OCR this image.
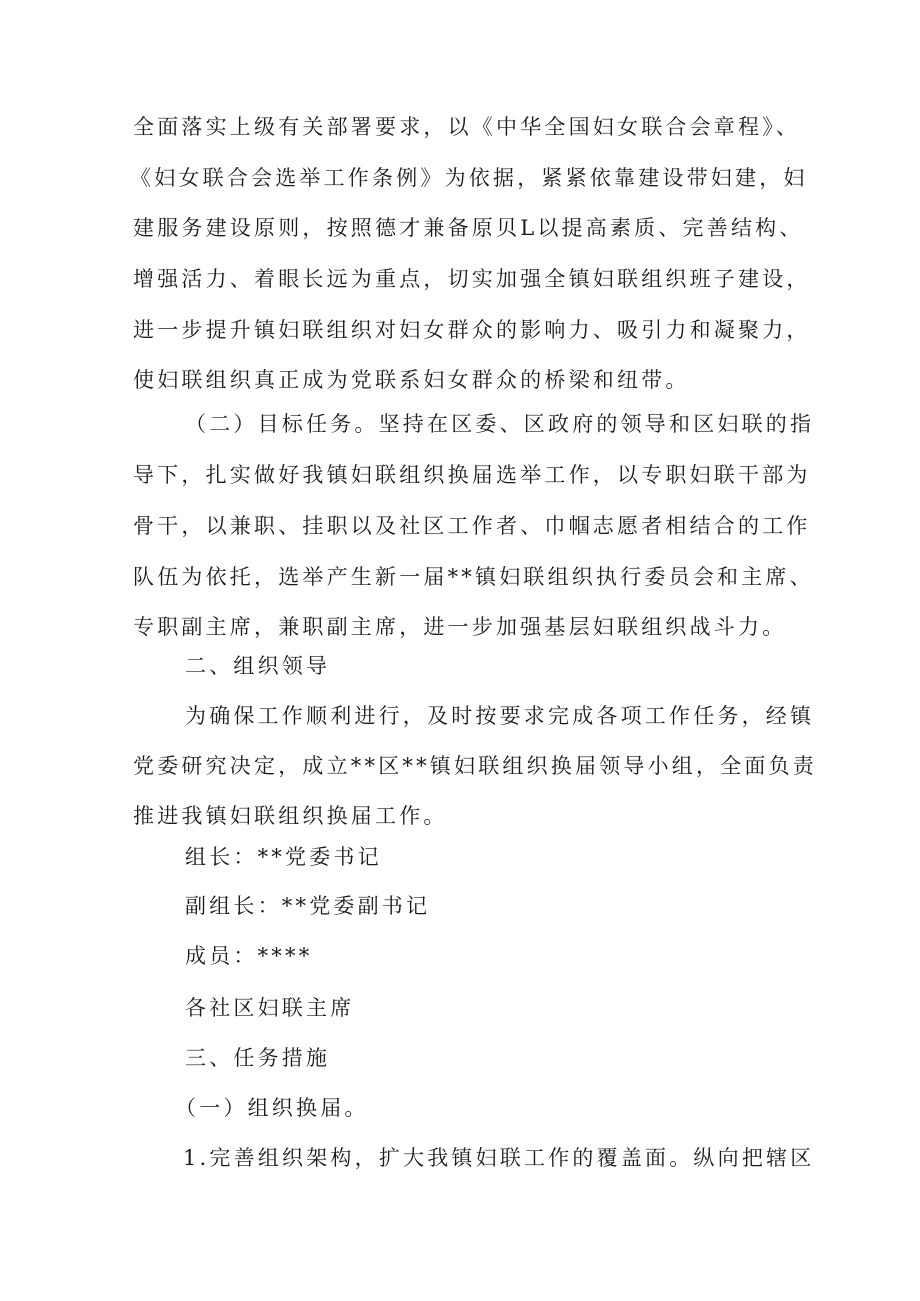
全面落实上级有关部署要求，以《中华全国妇女联合会章程》、
《妇女联合会选举工作条例》为依据，紧紧依靠建设带妇建，妇
建服务建设原则，按照德才兼备原贝L以提高素质、完善结构、
增强活力、着眼长远为重点，切实加强全镇妇联组织班子建设，
进一步提升镇妇联组织对妇女群众的影响力、吸引力和凝聚力，
使妇联组织真正成为党联系妇女群众的桥梁和纽带。
（二）目标任务。坚持在区委、区政府的领导和区妇联的指
导下，扎实做好我镇妇联组织换届选举工作，以专职妇联干部为
骨干，以兼职、挂职以及社区工作者、巾帼志愿者相结合的工作
队伍为依托，选举产生新一届**镇妇联组织执行委员会和主席、
专职副主席，兼职副主席，进一步加强基层妇联组织战斗力。
二、组织领导
为确保工作顺利进行，及时按要求完成各项工作任务，经镇
党委研究决定，成立**区**镇妇联组织换届领导小组，全面负责
推进我镇妇联组织换届工作。
组长：**党委书记
副组长：**党委副书记
成员：****
各社区妇联主席
三、任务措施
（一）组织换届。
1.完善组织架构，扩大我镇妇联工作的覆盖面。纵向把辖区
